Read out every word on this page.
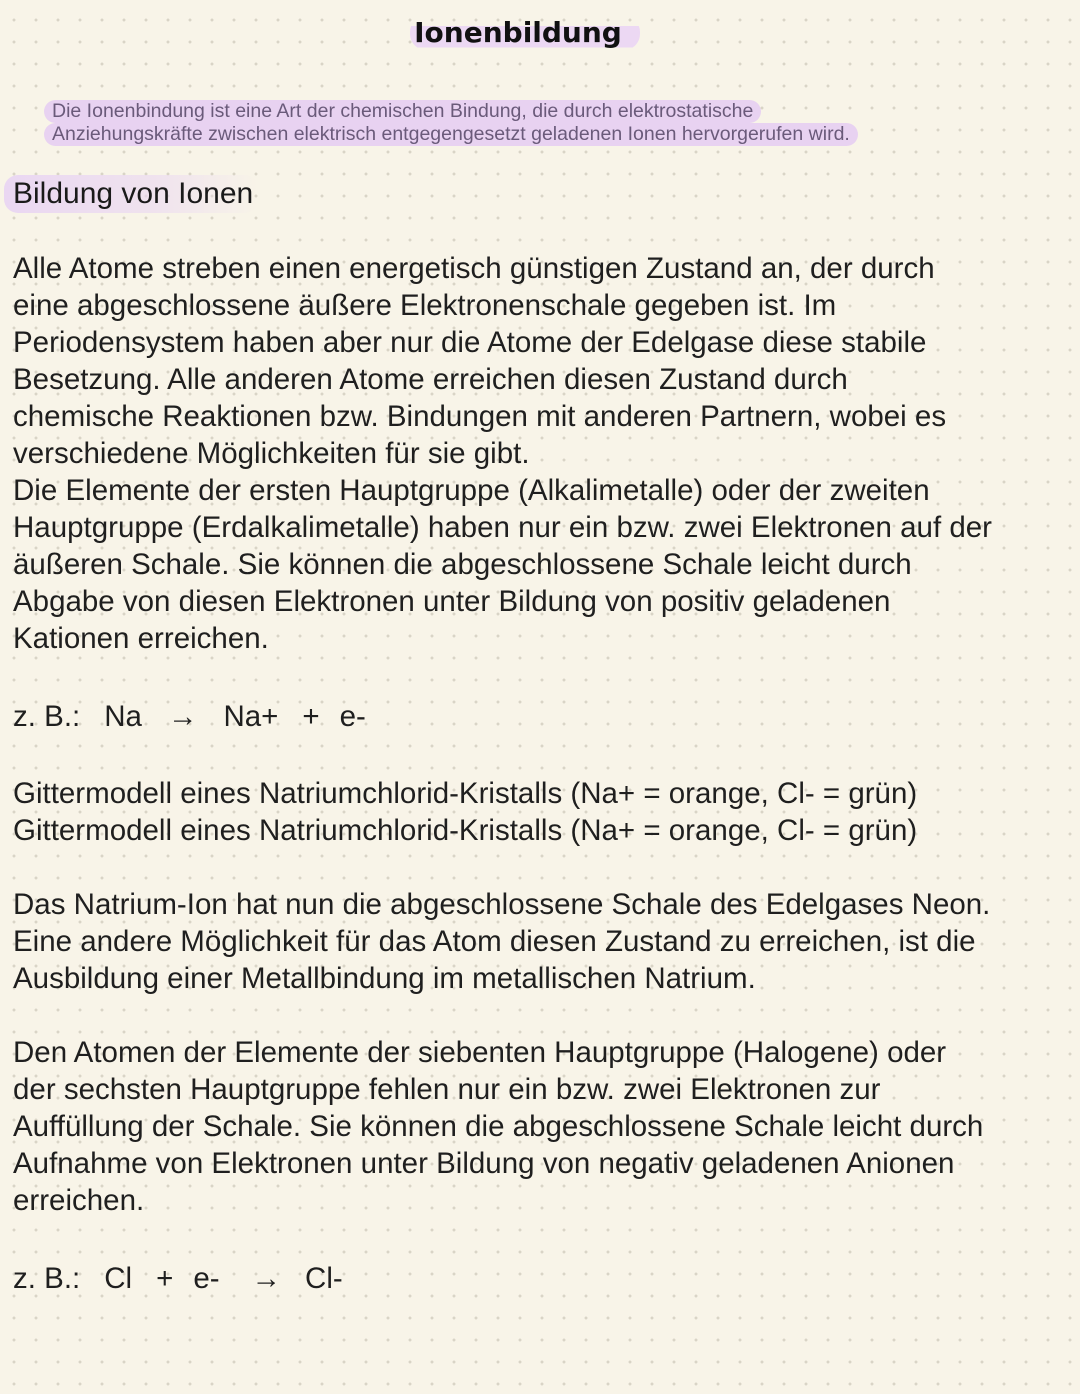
Ionenbildung
Die Ionenbindung ist eine Art der chemischen Bindung, die durch elektrostatische
Anziehungskräfte zwischen elektrisch entgegengesetzt geladenen Ionen hervorgerufen wird.
Bildung von Ionen
Alle Atome streben einen energetisch günstigen Zustand an, der durch
eine abgeschlossene äußere Elektronenschale gegeben ist. Im
Periodensystem haben aber nur die Atome der Edelgase diese stabile
Besetzung. Alle anderen Atome erreichen diesen Zustand durch
chemische Reaktionen bzw. Bindungen mit anderen Partnern, wobei es
verschiedene Möglichkeiten für sie gibt.
Die Elemente der ersten Hauptgruppe (Alkalimetalle) oder der zweiten
Hauptgruppe (Erdalkalimetalle) haben nur ein bzw. zwei Elektronen auf der
äußeren Schale. Sie können die abgeschlossene Schale leicht durch
Abgabe von diesen Elektronen unter Bildung von positiv geladenen
Kationen erreichen.
z. B.: Na → Na+ + e-
Gittermodell eines Natriumchlorid-Kristalls (Na+ = orange, Cl- = grün)
Gittermodell eines Natriumchlorid-Kristalls (Na+ = orange, Cl- = grün)
Das Natrium-Ion hat nun die abgeschlossene Schale des Edelgases Neon.
Eine andere Möglichkeit für das Atom diesen Zustand zu erreichen, ist die
Ausbildung einer Metallbindung im metallischen Natrium.
Den Atomen der Elemente der siebenten Hauptgruppe (Halogene) oder
der sechsten Hauptgruppe fehlen nur ein bzw. zwei Elektronen zur
Auffüllung der Schale. Sie können die abgeschlossene Schale leicht durch
Aufnahme von Elektronen unter Bildung von negativ geladenen Anionen
erreichen.
z. B.: Cl + e- → Cl-
